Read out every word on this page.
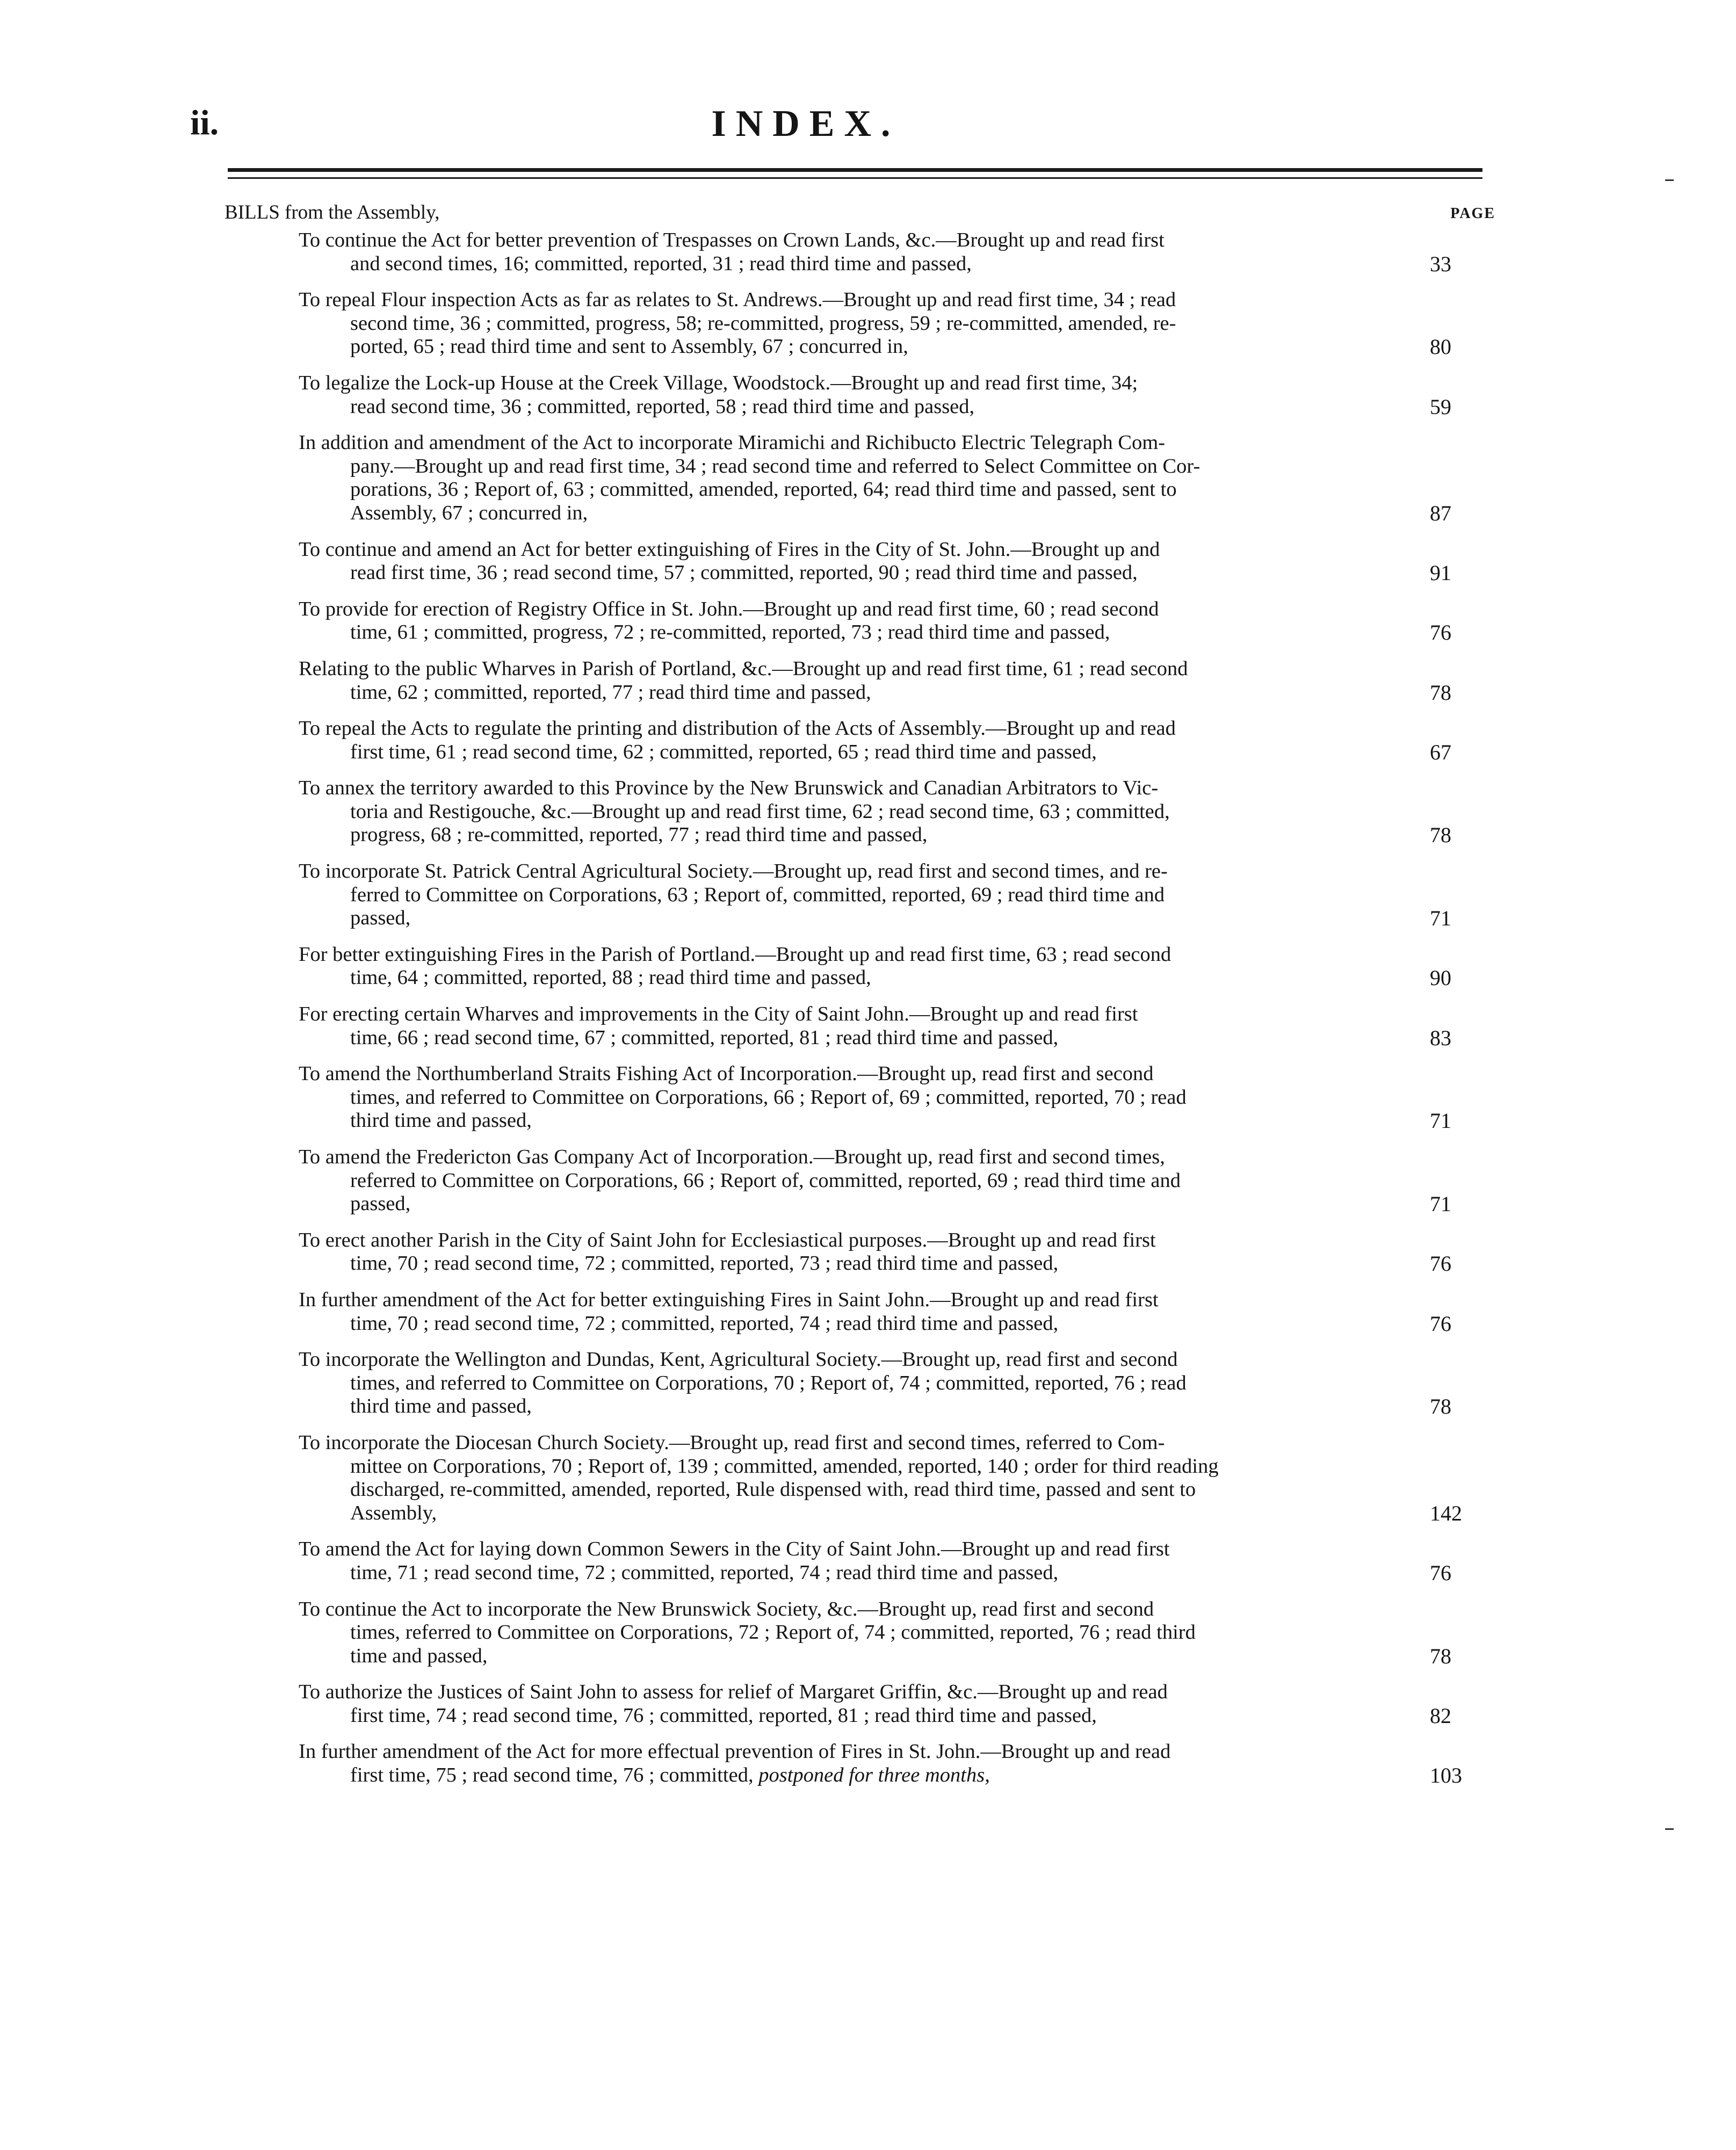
ii.	INDEX.
BILLS from the Assembly,	PAGE
To continue the Act for better prevention of Trespasses on Crown Lands, &c.—Brought up and read first
and second times, 16; committed, reported, 31 ; read third time and passed,	33
To repeal Flour inspection Acts as far as relates to St. Andrews.—Brought up and read first time, 34 ; read
second time, 36 ; committed, progress, 58; re-committed, progress, 59 ; re-committed, amended, re-
ported, 65 ; read third time and sent to Assembly, 67 ; concurred in,	80
To legalize the Lock-up House at the Creek Village, Woodstock.—Brought up and read first time, 34;
read second time, 36 ; committed, reported, 58 ; read third time and passed,	59
In addition and amendment of the Act to incorporate Miramichi and Richibucto Electric Telegraph Com-
pany.—Brought up and read first time, 34 ; read second time and referred to Select Committee on Cor-
porations, 36 ; Report of, 63 ; committed, amended, reported, 64; read third time and passed, sent to
Assembly, 67 ; concurred in,	87
To continue and amend an Act for better extinguishing of Fires in the City of St. John.—Brought up and
read first time, 36 ; read second time, 57 ; committed, reported, 90 ; read third time and passed,	91
To provide for erection of Registry Office in St. John.—Brought up and read first time, 60 ; read second
time, 61 ; committed, progress, 72 ; re-committed, reported, 73 ; read third time and passed,	76
Relating to the public Wharves in Parish of Portland, &c.—Brought up and read first time, 61 ; read second
time, 62 ; committed, reported, 77 ; read third time and passed,	78
To repeal the Acts to regulate the printing and distribution of the Acts of Assembly.—Brought up and read
first time, 61 ; read second time, 62 ; committed, reported, 65 ; read third time and passed,	67
To annex the territory awarded to this Province by the New Brunswick and Canadian Arbitrators to Vic-
toria and Restigouche, &c.—Brought up and read first time, 62 ; read second time, 63 ; committed,
progress, 68 ; re-committed, reported, 77 ; read third time and passed,	78
To incorporate St. Patrick Central Agricultural Society.—Brought up, read first and second times, and re-
ferred to Committee on Corporations, 63 ; Report of, committed, reported, 69 ; read third time and
passed,	71
For better extinguishing Fires in the Parish of Portland.—Brought up and read first time, 63 ; read second
time, 64 ; committed, reported, 88 ; read third time and passed,	90
For erecting certain Wharves and improvements in the City of Saint John.—Brought up and read first
time, 66 ; read second time, 67 ; committed, reported, 81 ; read third time and passed,	83
To amend the Northumberland Straits Fishing Act of Incorporation.—Brought up, read first and second
times, and referred to Committee on Corporations, 66 ; Report of, 69 ; committed, reported, 70 ; read
third time and passed,	71
To amend the Fredericton Gas Company Act of Incorporation.—Brought up, read first and second times,
referred to Committee on Corporations, 66 ; Report of, committed, reported, 69 ; read third time and
passed,	71
To erect another Parish in the City of Saint John for Ecclesiastical purposes.—Brought up and read first
time, 70 ; read second time, 72 ; committed, reported, 73 ; read third time and passed,	76
In further amendment of the Act for better extinguishing Fires in Saint John.—Brought up and read first
time, 70 ; read second time, 72 ; committed, reported, 74 ; read third time and passed,	76
To incorporate the Wellington and Dundas, Kent, Agricultural Society.—Brought up, read first and second
times, and referred to Committee on Corporations, 70 ; Report of, 74 ; committed, reported, 76 ; read
third time and passed,	78
To incorporate the Diocesan Church Society.—Brought up, read first and second times, referred to Com-
mittee on Corporations, 70 ; Report of, 139 ; committed, amended, reported, 140 ; order for third reading
discharged, re-committed, amended, reported, Rule dispensed with, read third time, passed and sent to
Assembly,	142
To amend the Act for laying down Common Sewers in the City of Saint John.—Brought up and read first
time, 71 ; read second time, 72 ; committed, reported, 74 ; read third time and passed,	76
To continue the Act to incorporate the New Brunswick Society, &c.—Brought up, read first and second
times, referred to Committee on Corporations, 72 ; Report of, 74 ; committed, reported, 76 ; read third
time and passed,	78
To authorize the Justices of Saint John to assess for relief of Margaret Griffin, &c.—Brought up and read
first time, 74 ; read second time, 76 ; committed, reported, 81 ; read third time and passed,	82
In further amendment of the Act for more effectual prevention of Fires in St. John.—Brought up and read
first time, 75 ; read second time, 76 ; committed, postponed for three months,	103
